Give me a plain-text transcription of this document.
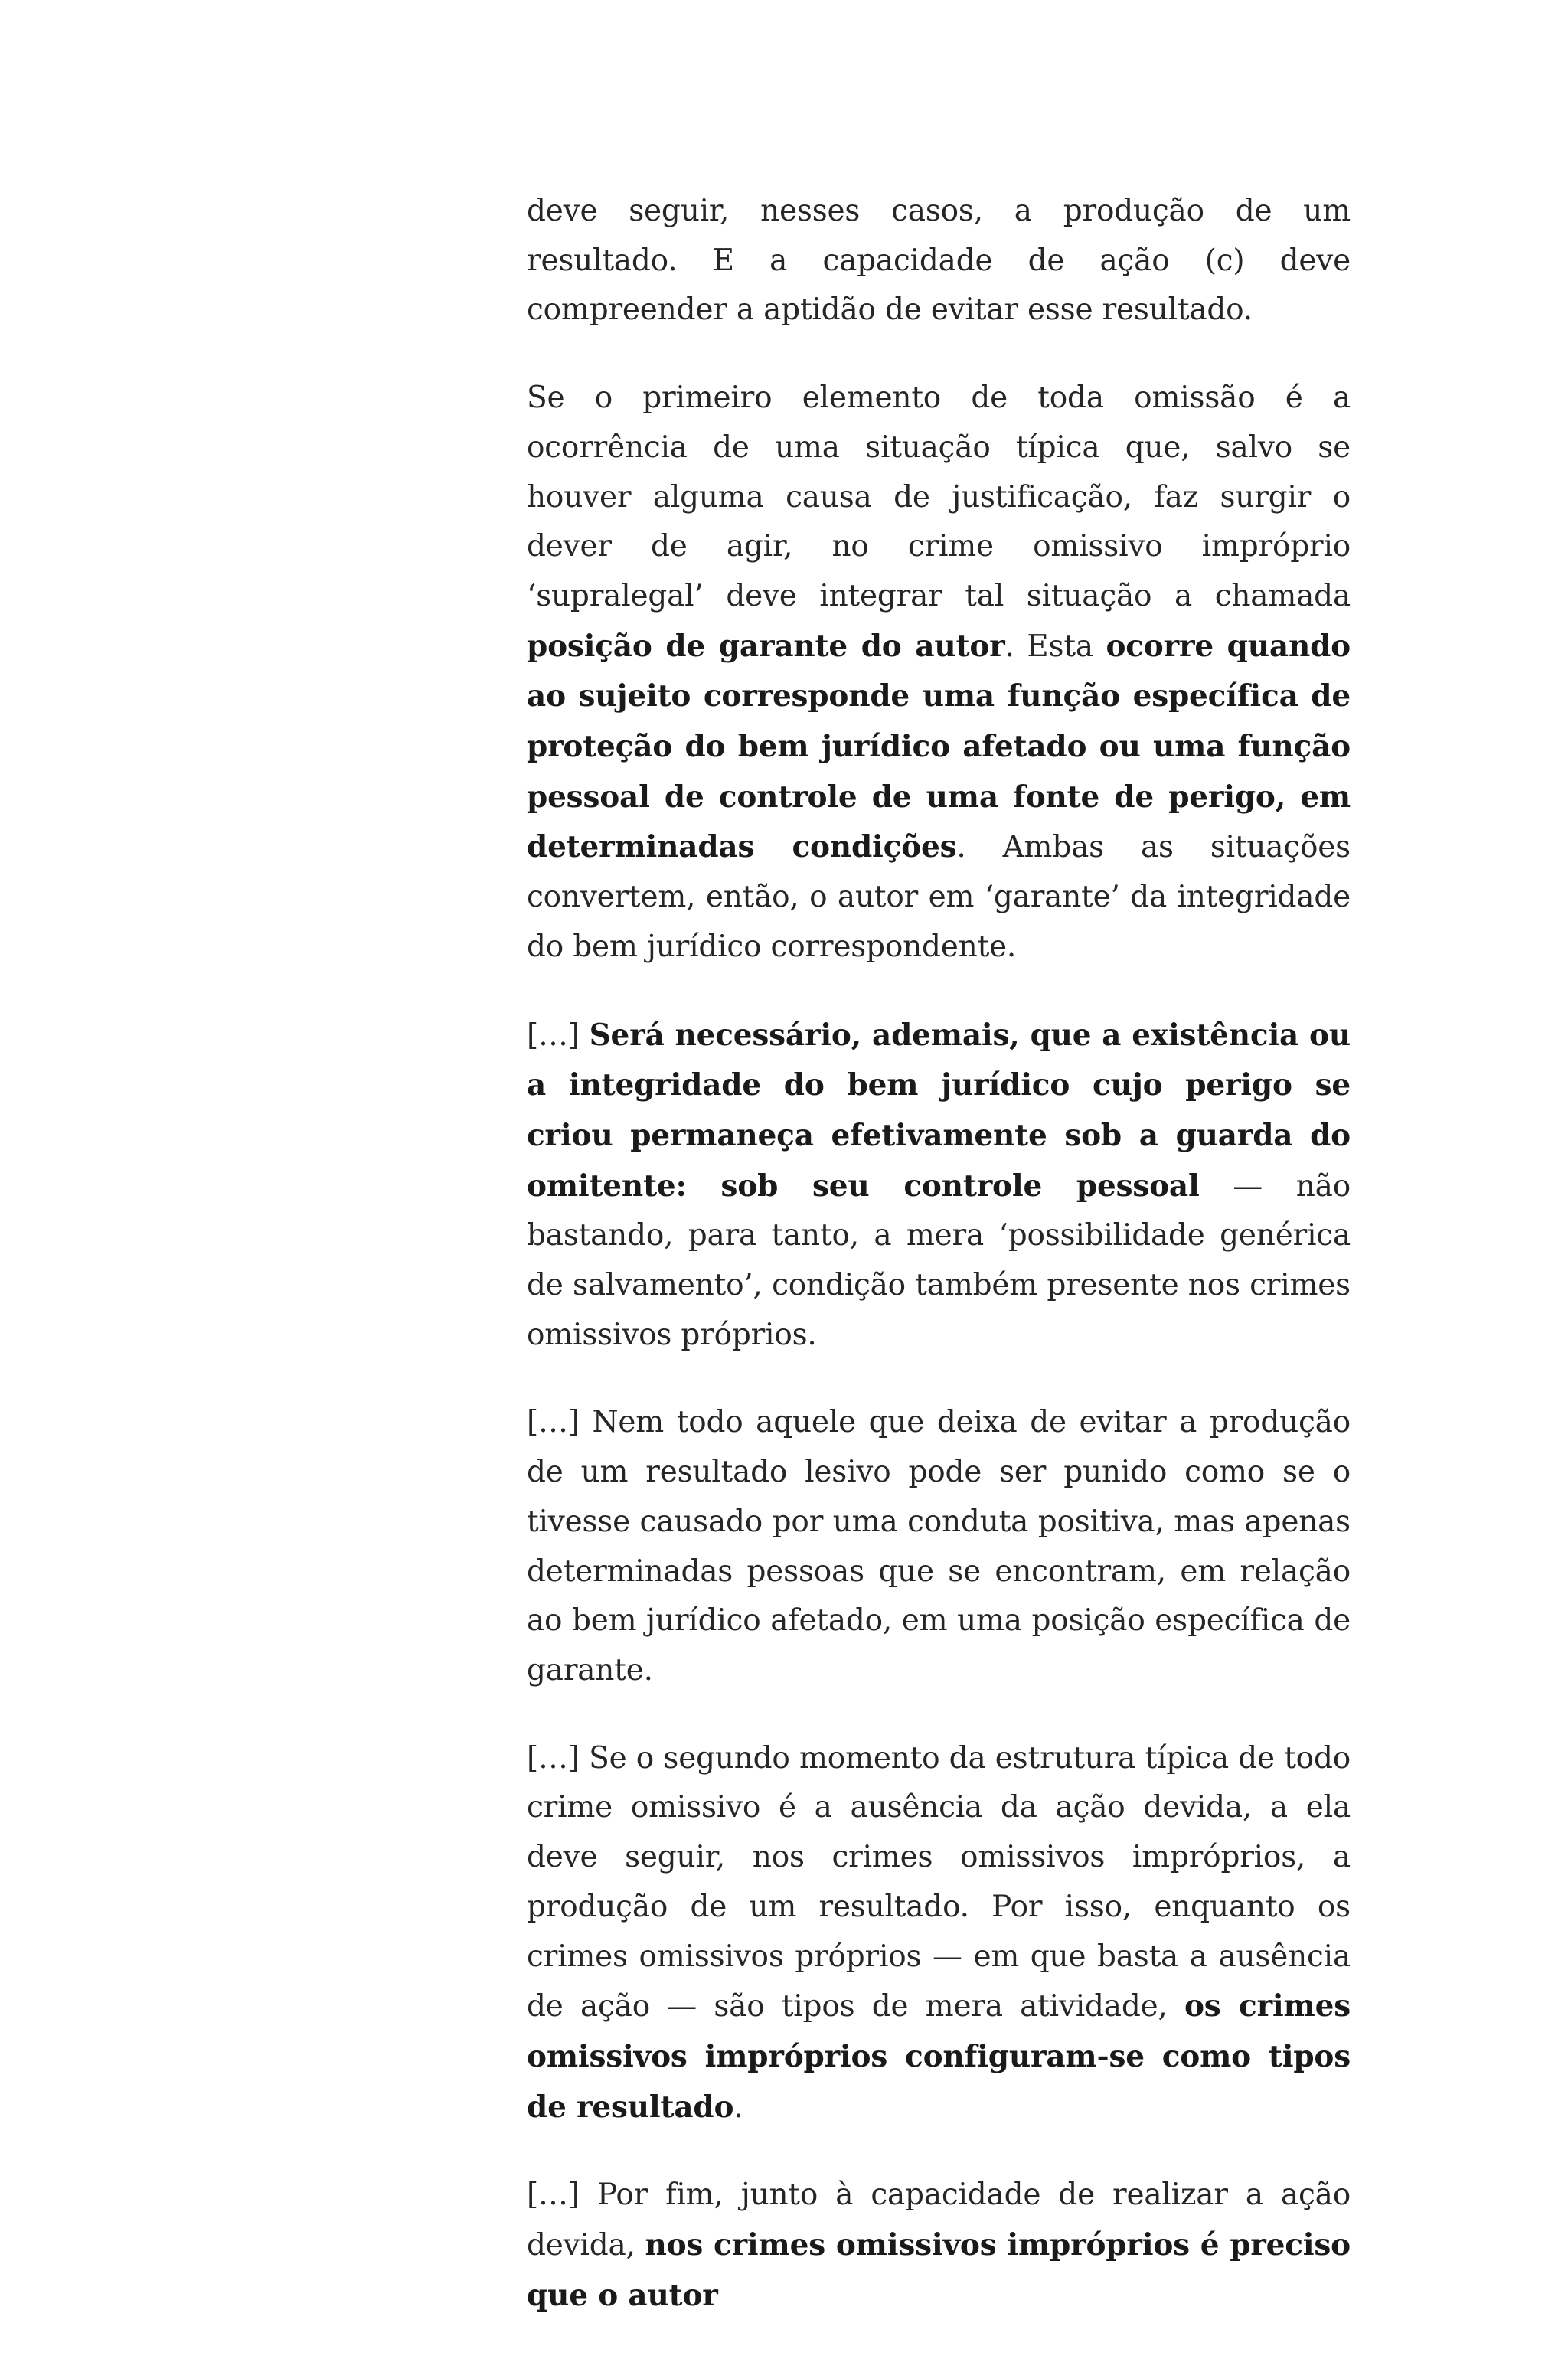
deve seguir, nesses casos, a produção de um resultado. E a capacidade de ação (c) deve compreender a aptidão de evitar esse resultado.

Se o primeiro elemento de toda omissão é a ocorrência de uma situação típica que, salvo se houver alguma causa de justificação, faz surgir o dever de agir, no crime omissivo impróprio ‘supralegal’ deve integrar tal situação a chamada posição de garante do autor. Esta ocorre quando ao sujeito corresponde uma função específica de proteção do bem jurídico afetado ou uma função pessoal de controle de uma fonte de perigo, em determinadas condições. Ambas as situações convertem, então, o autor em ‘garante’ da integridade do bem jurídico correspondente.

[…] Será necessário, ademais, que a existência ou a integridade do bem jurídico cujo perigo se criou permaneça efetivamente sob a guarda do omitente: sob seu controle pessoal — não bastando, para tanto, a mera ‘possibilidade genérica de salvamento’, condição também presente nos crimes omissivos próprios.

[…] Nem todo aquele que deixa de evitar a produção de um resultado lesivo pode ser punido como se o tivesse causado por uma conduta positiva, mas apenas determinadas pessoas que se encontram, em relação ao bem jurídico afetado, em uma posição específica de garante.

[…] Se o segundo momento da estrutura típica de todo crime omissivo é a ausência da ação devida, a ela deve seguir, nos crimes omissivos impróprios, a produção de um resultado. Por isso, enquanto os crimes omissivos próprios — em que basta a ausência de ação — são tipos de mera atividade, os crimes omissivos impróprios configuram-se como tipos de resultado.

[…] Por fim, junto à capacidade de realizar a ação devida, nos crimes omissivos impróprios é preciso que o autor
